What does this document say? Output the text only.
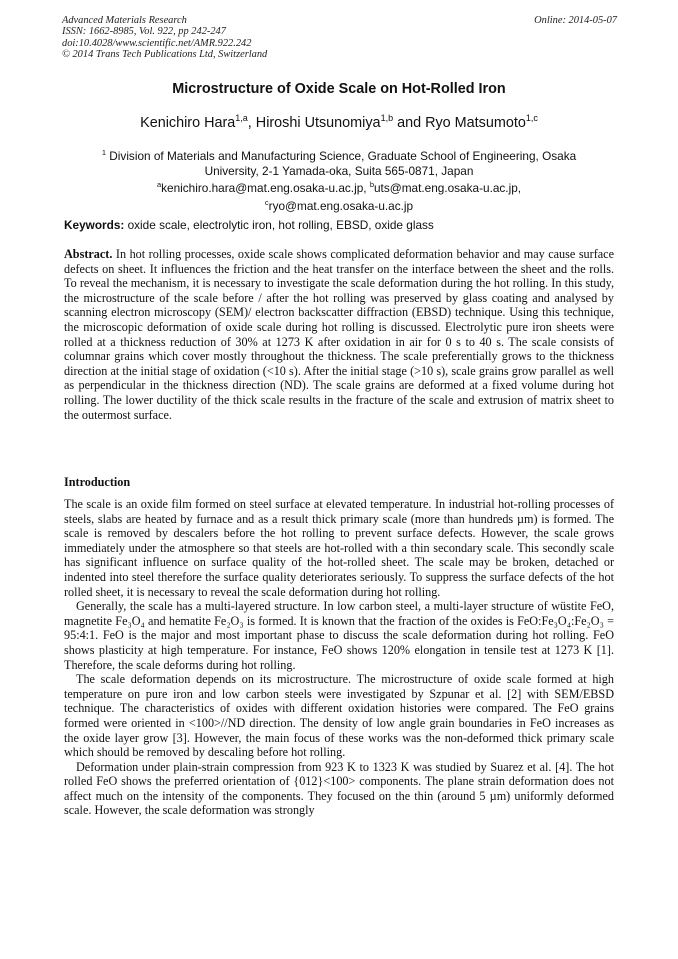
Advanced Materials Research
ISSN: 1662-8985, Vol. 922, pp 242-247
doi:10.4028/www.scientific.net/AMR.922.242
© 2014 Trans Tech Publications Ltd, Switzerland
Online: 2014-05-07
Microstructure of Oxide Scale on Hot-Rolled Iron
Kenichiro Hara$^{1,a}$, Hiroshi Utsunomiya$^{1,b}$ and Ryo Matsumoto$^{1,c}$
$^1$ Division of Materials and Manufacturing Science, Graduate School of Engineering, Osaka
University, 2-1 Yamada-oka, Suita 565-0871, Japan
$^a$kenichiro.hara@mat.eng.osaka-u.ac.jp, $^b$uts@mat.eng.osaka-u.ac.jp,
$^c$ryo@mat.eng.osaka-u.ac.jp
Keywords: oxide scale, electrolytic iron, hot rolling, EBSD, oxide glass

Abstract. In hot rolling processes, oxide scale shows complicated deformation behavior and may cause surface defects on sheet. It influences the friction and the heat transfer on the interface between the sheet and the rolls. To reveal the mechanism, it is necessary to investigate the scale deformation during the hot rolling. In this study, the microstructure of the scale before / after the hot rolling was preserved by glass coating and analysed by scanning electron microscopy (SEM)/ electron backscatter diffraction (EBSD) technique. Using this technique, the microscopic deformation of oxide scale during hot rolling is discussed. Electrolytic pure iron sheets were rolled at a thickness reduction of 30% at 1273 K after oxidation in air for 0 s to 40 s. The scale consists of columnar grains which cover mostly throughout the thickness. The scale preferentially grows to the thickness direction at the initial stage of oxidation (<10 s). After the initial stage (>10 s), scale grains grow parallel as well as perpendicular in the thickness direction (ND). The scale grains are deformed at a fixed volume during hot rolling. The lower ductility of the thick scale results in the fracture of the scale and extrusion of matrix sheet to the outermost surface.

Introduction

The scale is an oxide film formed on steel surface at elevated temperature. In industrial hot-rolling processes of steels, slabs are heated by furnace and as a result thick primary scale (more than hundreds µm) is formed. The scale is removed by descalers before the hot rolling to prevent surface defects. However, the scale grows immediately under the atmosphere so that steels are hot-rolled with a thin secondary scale. This secondly scale has significant influence on surface quality of the hot-rolled sheet. The scale may be broken, detached or indented into steel therefore the surface quality deteriorates seriously. To suppress the surface defects of the hot rolled sheet, it is necessary to reveal the scale deformation during hot rolling.

Generally, the scale has a multi-layered structure. In low carbon steel, a multi-layer structure of wüstite FeO, magnetite Fe₃O₄ and hematite Fe₂O₃ is formed. It is known that the fraction of the oxides is FeO:Fe₃O₄:Fe₂O₃ = 95:4:1. FeO is the major and most important phase to discuss the scale deformation during hot rolling. FeO shows plasticity at high temperature. For instance, FeO shows 120% elongation in tensile test at 1273 K [1]. Therefore, the scale deforms during hot rolling.

The scale deformation depends on its microstructure. The microstructure of oxide scale formed at high temperature on pure iron and low carbon steels were investigated by Szpunar et al. [2] with SEM/EBSD technique. The characteristics of oxides with different oxidation histories were compared. The FeO grains formed were oriented in <100>//ND direction. The density of low angle grain boundaries in FeO increases as the oxide layer grow [3]. However, the main focus of these works was the non-deformed thick primary scale which should be removed by descaling before hot rolling.

Deformation under plain-strain compression from 923 K to 1323 K was studied by Suarez et al. [4]. The hot rolled FeO shows the preferred orientation of {012}<100> components. The plane strain deformation does not affect much on the intensity of the components. They focused on the thin (around 5 µm) uniformly deformed scale. However, the scale deformation was strongly
